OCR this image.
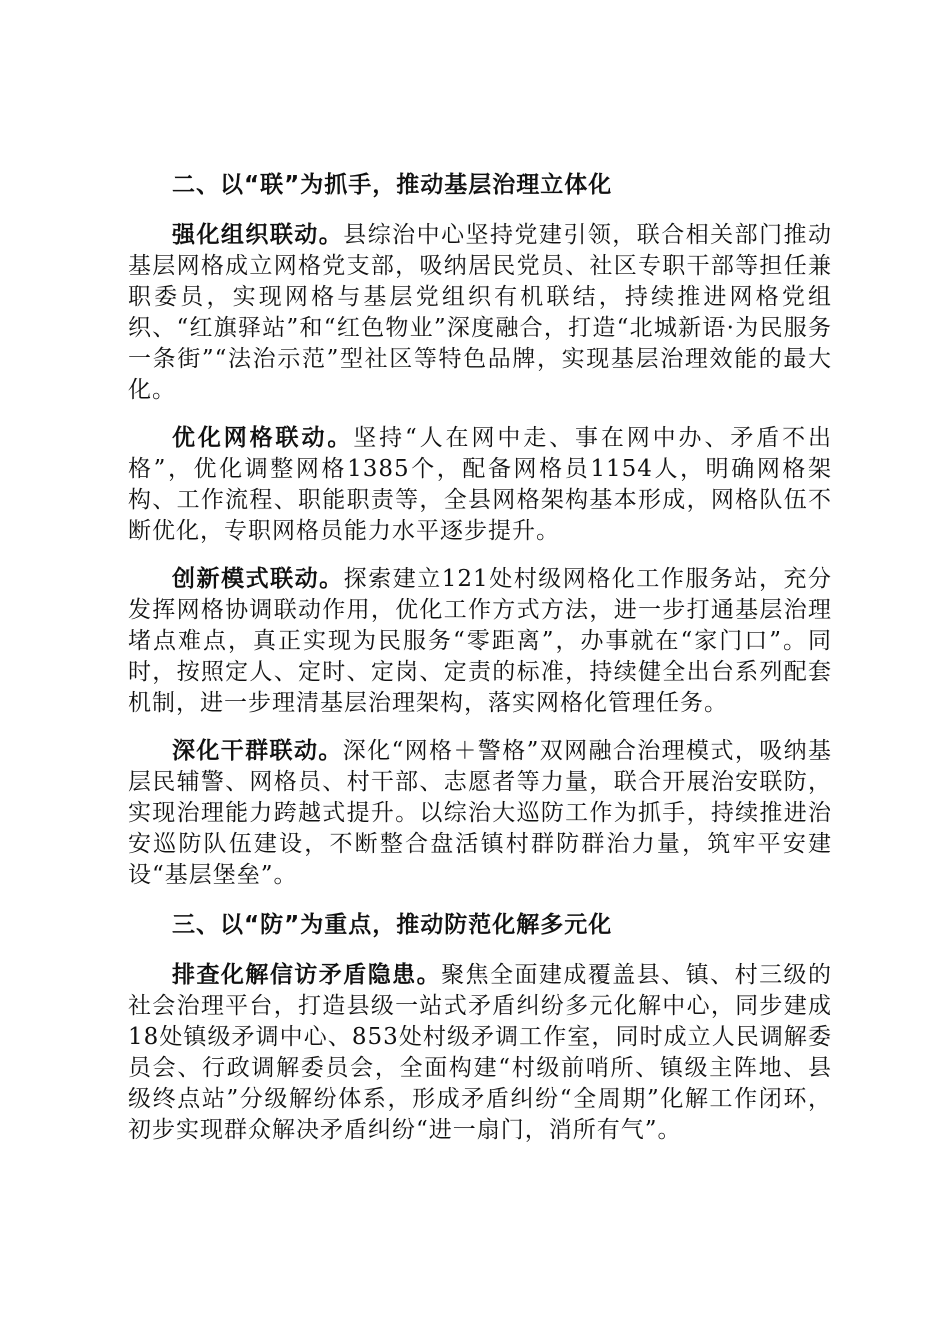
二、以“联”为抓手，推动基层治理立体化

强化组织联动。县综治中心坚持党建引领，联合相关部门推动基层网格成立网格党支部，吸纳居民党员、社区专职干部等担任兼职委员，实现网格与基层党组织有机联结，持续推进网格党组织、“红旗驿站”和“红色物业”深度融合，打造“北城新语·为民服务一条街”“法治示范”型社区等特色品牌，实现基层治理效能的最大化。

优化网格联动。坚持“人在网中走、事在网中办、矛盾不出格”，优化调整网格1385个，配备网格员1154人，明确网格架构、工作流程、职能职责等，全县网格架构基本形成，网格队伍不断优化，专职网格员能力水平逐步提升。

创新模式联动。探索建立121处村级网格化工作服务站，充分发挥网格协调联动作用，优化工作方式方法，进一步打通基层治理堵点难点，真正实现为民服务“零距离”，办事就在“家门口”。同时，按照定人、定时、定岗、定责的标准，持续健全出台系列配套机制，进一步理清基层治理架构，落实网格化管理任务。

深化干群联动。深化“网格＋警格”双网融合治理模式，吸纳基层民辅警、网格员、村干部、志愿者等力量，联合开展治安联防，实现治理能力跨越式提升。以综治大巡防工作为抓手，持续推进治安巡防队伍建设，不断整合盘活镇村群防群治力量，筑牢平安建设“基层堡垒”。

三、以“防”为重点，推动防范化解多元化

排查化解信访矛盾隐患。聚焦全面建成覆盖县、镇、村三级的社会治理平台，打造县级一站式矛盾纠纷多元化解中心，同步建成18处镇级矛调中心、853处村级矛调工作室，同时成立人民调解委员会、行政调解委员会，全面构建“村级前哨所、镇级主阵地、县级终点站”分级解纷体系，形成矛盾纠纷“全周期”化解工作闭环，初步实现群众解决矛盾纠纷“进一扇门，消所有气”。
